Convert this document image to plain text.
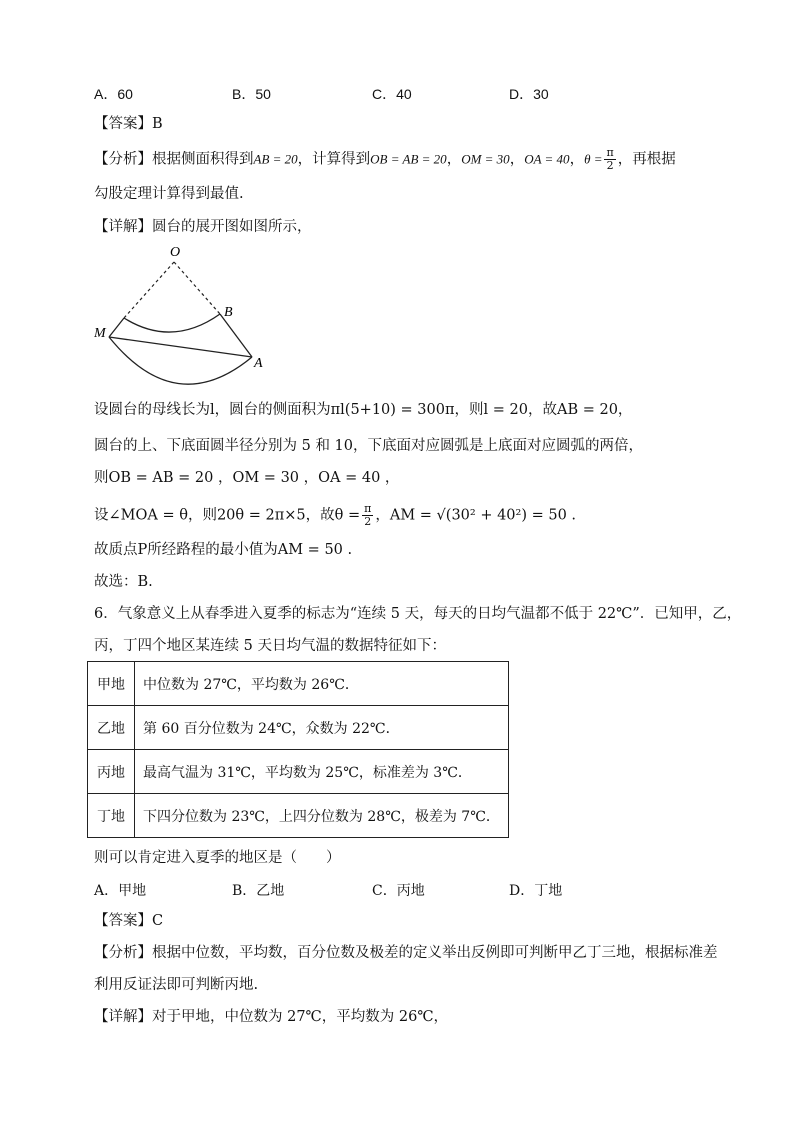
A．60	B．50	C．40	D．30
【答案】B
【分析】根据侧面积得到AB = 20，计算得到OB = AB = 20，OM = 30，OA = 40，$\theta = \frac{\pi}{2}$ ，再根据
勾股定理计算得到最值.
【详解】圆台的展开图如图所示，
O
B
M
A
设圆台的母线长为l，圆台的侧面积为πl(5+10) = 300π，则l = 20，故AB = 20，
圆台的上、下底面圆半径分别为 5 和 10，下底面对应圆弧是上底面对应圆弧的两倍，
则OB = AB = 20 ，OM = 30 ，OA = 40 ，
设∠MOA = θ，则20θ = 2π×5，故$\theta = \frac{\pi}{2}$ ，AM = √(30² + 40²) = 50 .
故质点P所经路程的最小值为AM = 50 .
故选：B.
6．气象意义上从春季进入夏季的标志为“连续 5 天，每天的日均气温都不低于 22℃”．已知甲，乙，
丙，丁四个地区某连续 5 天日均气温的数据特征如下：
甲地	中位数为 27℃，平均数为 26℃．
乙地	第 60 百分位数为 24℃，众数为 22℃．
丙地	最高气温为 31℃，平均数为 25℃，标准差为 3℃．
丁地	下四分位数为 23℃，上四分位数为 28℃，极差为 7℃．
则可以肯定进入夏季的地区是（　　）
A．甲地	B．乙地	C．丙地	D．丁地
【答案】C
【分析】根据中位数，平均数，百分位数及极差的定义举出反例即可判断甲乙丁三地，根据标准差
利用反证法即可判断丙地.
【详解】对于甲地，中位数为 27℃，平均数为 26℃，
